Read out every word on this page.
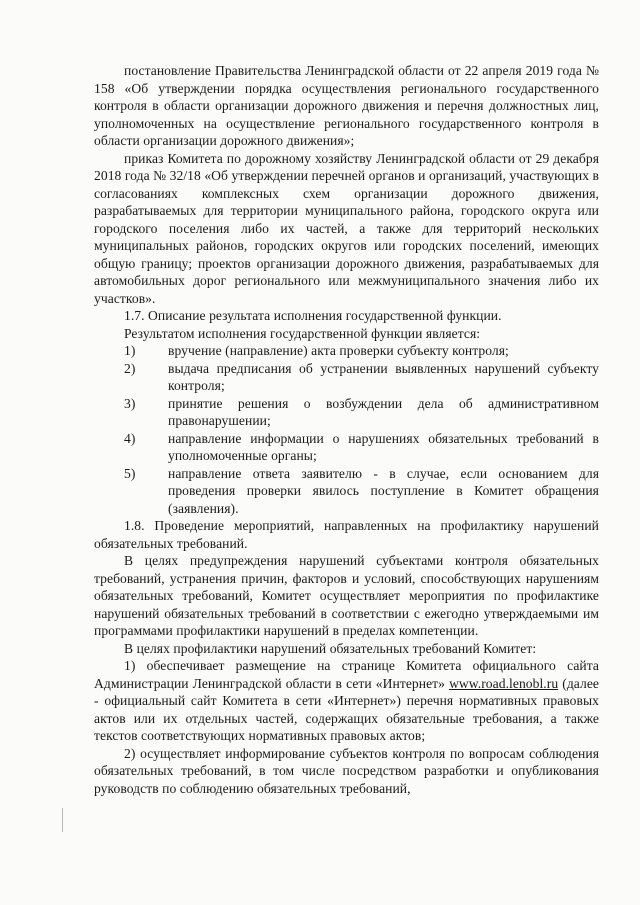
постановление Правительства Ленинградской области от 22 апреля 2019 года № 158 «Об утверждении порядка осуществления регионального государственного контроля в области организации дорожного движения и перечня должностных лиц, уполномоченных на осуществление регионального государственного контроля в области организации дорожного движения»;

приказ Комитета по дорожному хозяйству Ленинградской области от 29 декабря 2018 года № 32/18 «Об утверждении перечней органов и организаций, участвующих в согласованиях комплексных схем организации дорожного движения, разрабатываемых для территории муниципального района, городского округа или городского поселения либо их частей, а также для территорий нескольких муниципальных районов, городских округов или городских поселений, имеющих общую границу; проектов организации дорожного движения, разрабатываемых для автомобильных дорог регионального или межмуниципального значения либо их участков».

1.7. Описание результата исполнения государственной функции.

Результатом исполнения государственной функции является:

1)	вручение (направление) акта проверки субъекту контроля;
2)	выдача предписания об устранении выявленных нарушений субъекту контроля;
3)	принятие решения о возбуждении дела об административном правонарушении;
4)	направление информации о нарушениях обязательных требований в уполномоченные органы;
5)	направление ответа заявителю - в случае, если основанием для проведения проверки явилось поступление в Комитет обращения (заявления).

1.8. Проведение мероприятий, направленных на профилактику нарушений обязательных требований.

В целях предупреждения нарушений субъектами контроля обязательных требований, устранения причин, факторов и условий, способствующих нарушениям обязательных требований, Комитет осуществляет мероприятия по профилактике нарушений обязательных требований в соответствии с ежегодно утверждаемыми им программами профилактики нарушений в пределах компетенции.

В целях профилактики нарушений обязательных требований Комитет:

1) обеспечивает размещение на странице Комитета официального сайта Администрации Ленинградской области в сети «Интернет» www.road.lenobl.ru (далее - официальный сайт Комитета в сети «Интернет») перечня нормативных правовых актов или их отдельных частей, содержащих обязательные требования, а также текстов соответствующих нормативных правовых актов;

2) осуществляет информирование субъектов контроля по вопросам соблюдения обязательных требований, в том числе посредством разработки и опубликования руководств по соблюдению обязательных требований,
